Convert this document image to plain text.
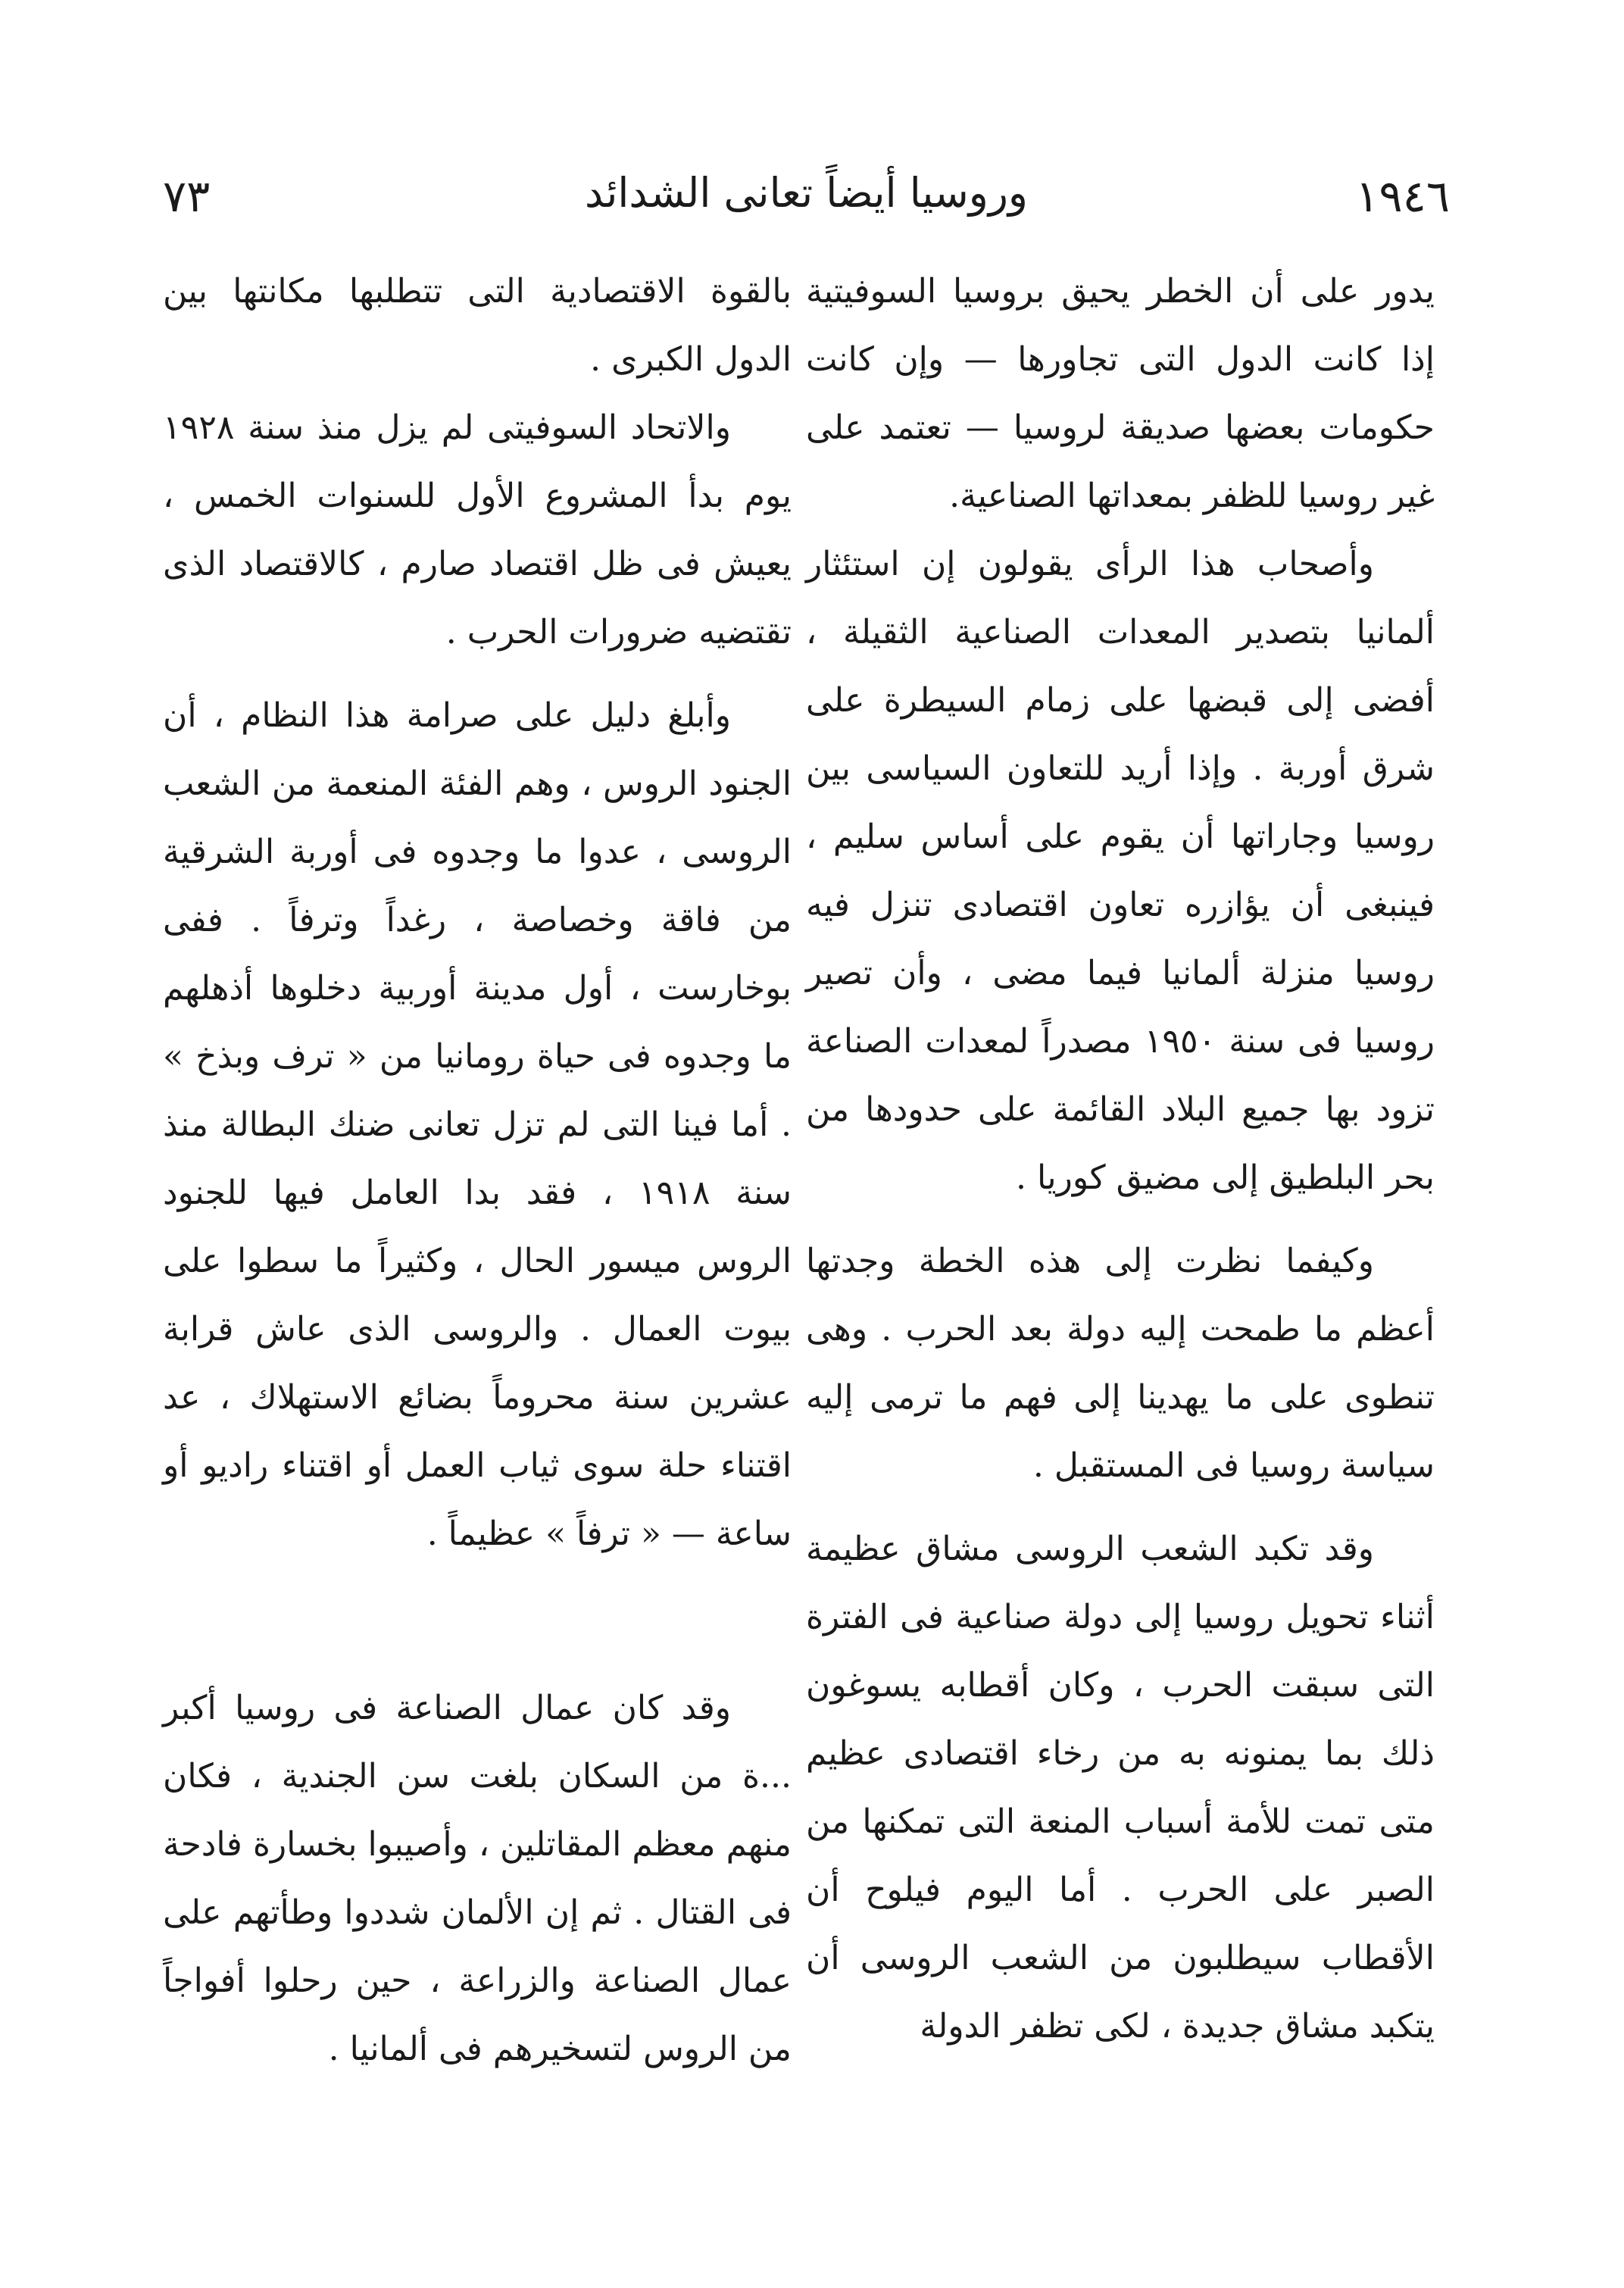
١٩٤٦
وروسيا أيضاً تعانى الشدائد
٧٣

يدور على أن الخطر يحيق بروسيا السوفيتية إذا كانت الدول التى تجاورها — وإن كانت حكومات بعضها صديقة لروسيا — تعتمد على غير روسيا للظفر بمعداتها الصناعية.

وأصحاب هذا الرأى يقولون إن استئثار ألمانيا بتصدير المعدات الصناعية الثقيلة ، أفضى إلى قبضها على زمام السيطرة على شرق أوربة . وإذا أريد للتعاون السياسى بين روسيا وجاراتها أن يقوم على أساس سليم ، فينبغى أن يؤازره تعاون اقتصادى تنزل فيه روسيا منزلة ألمانيا فيما مضى ، وأن تصير روسيا فى سنة ١٩٥٠ مصدراً لمعدات الصناعة تزود بها جميع البلاد القائمة على حدودها من بحر البلطيق إلى مضيق كوريا .

وكيفما نظرت إلى هذه الخطة وجدتها أعظم ما طمحت إليه دولة بعد الحرب . وهى تنطوى على ما يهدينا إلى فهم ما ترمى إليه سياسة روسيا فى المستقبل .

وقد تكبد الشعب الروسى مشاق عظيمة أثناء تحويل روسيا إلى دولة صناعية فى الفترة التى سبقت الحرب ، وكان أقطابه يسوغون ذلك بما يمنونه به من رخاء اقتصادى عظيم متى تمت للأمة أسباب المنعة التى تمكنها من الصبر على الحرب . أما اليوم فيلوح أن الأقطاب سيطلبون من الشعب الروسى أن يتكبد مشاق جديدة ، لكى تظفر الدولة

بالقوة الاقتصادية التى تتطلبها مكانتها بين الدول الكبرى .

والاتحاد السوفيتى لم يزل منذ سنة ١٩٢٨ يوم بدأ المشروع الأول للسنوات الخمس ، يعيش فى ظل اقتصاد صارم ، كالاقتصاد الذى تقتضيه ضرورات الحرب .

وأبلغ دليل على صرامة هذا النظام ، أن الجنود الروس ، وهم الفئة المنعمة من الشعب الروسى ، عدوا ما وجدوه فى أوربة الشرقية من فاقة وخصاصة ، رغداً وترفاً . ففى بوخارست ، أول مدينة أوربية دخلوها أذهلهم ما وجدوه فى حياة رومانيا من « ترف وبذخ » . أما فينا التى لم تزل تعانى ضنك البطالة منذ سنة ١٩١٨ ، فقد بدا العامل فيها للجنود الروس ميسور الحال ، وكثيراً ما سطوا على بيوت العمال . والروسى الذى عاش قرابة عشرين سنة محروماً بضائع الاستهلاك ، عد اقتناء حلة سوى ثياب العمل أو اقتناء راديو أو ساعة — « ترفاً » عظيماً .

وقد كان عمال الصناعة فى روسيا أكبر ...ة من السكان بلغت سن الجندية ، فكان منهم معظم المقاتلين ، وأصيبوا بخسارة فادحة فى القتال . ثم إن الألمان شددوا وطأتهم على عمال الصناعة والزراعة ، حين رحلوا أفواجاً من الروس لتسخيرهم فى ألمانيا .
